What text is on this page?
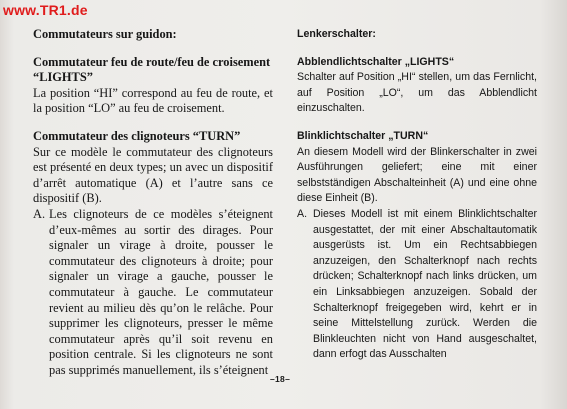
www.TR1.de
Commutateurs sur guidon:
Commutateur feu de route/feu de croisement
“LIGHTS”
La position “HI” correspond au feu de route, et la position “LO” au feu de croisement.
Commutateur des clignoteurs “TURN”
Sur ce modèle le commutateur des clignoteurs est présenté en deux types; un avec un dispositif d’arrêt automatique (A) et l’autre sans ce dispositif (B).
A. Les clignoteurs de ce modèles s’éteignent d’eux-mêmes au sortir des dirages. Pour signaler un virage à droite, pousser le commutateur des clignoteurs à droite; pour signaler un virage a gauche, pousser le commutateur à gauche. Le commutateur revient au milieu dès qu’on le relâche. Pour supprimer les clignoteurs, presser le même commutateur après qu’il soit revenu en position centrale. Si les clignoteurs ne sont pas supprimés manuellement, ils s’éteignent
Lenkerschalter:
Abblendlichtschalter „LIGHTS“
Schalter auf Position „HI“ stellen, um das Fernlicht, auf Position „LO“, um das Abblendlicht einzuschalten.
Blinklichtschalter „TURN“
An diesem Modell wird der Blinkerschalter in zwei Ausführungen geliefert; eine mit einer selbstständigen Abschalteinheit (A) und eine ohne diese Einheit (B).
A. Dieses Modell ist mit einem Blinklichtschalter ausgestattet, der mit einer Abschaltautomatik ausgerüsts ist. Um ein Rechtsabbiegen anzuzeigen, den Schalterknopf nach rechts drücken; Schalterknopf nach links drücken, um ein Linksabbiegen anzuzeigen. Sobald der Schalterknopf freigegeben wird, kehrt er in seine Mittelstellung zurück. Werden die Blinkleuchten nicht von Hand ausgeschaltet, dann erfogt das Ausschalten
–18–
